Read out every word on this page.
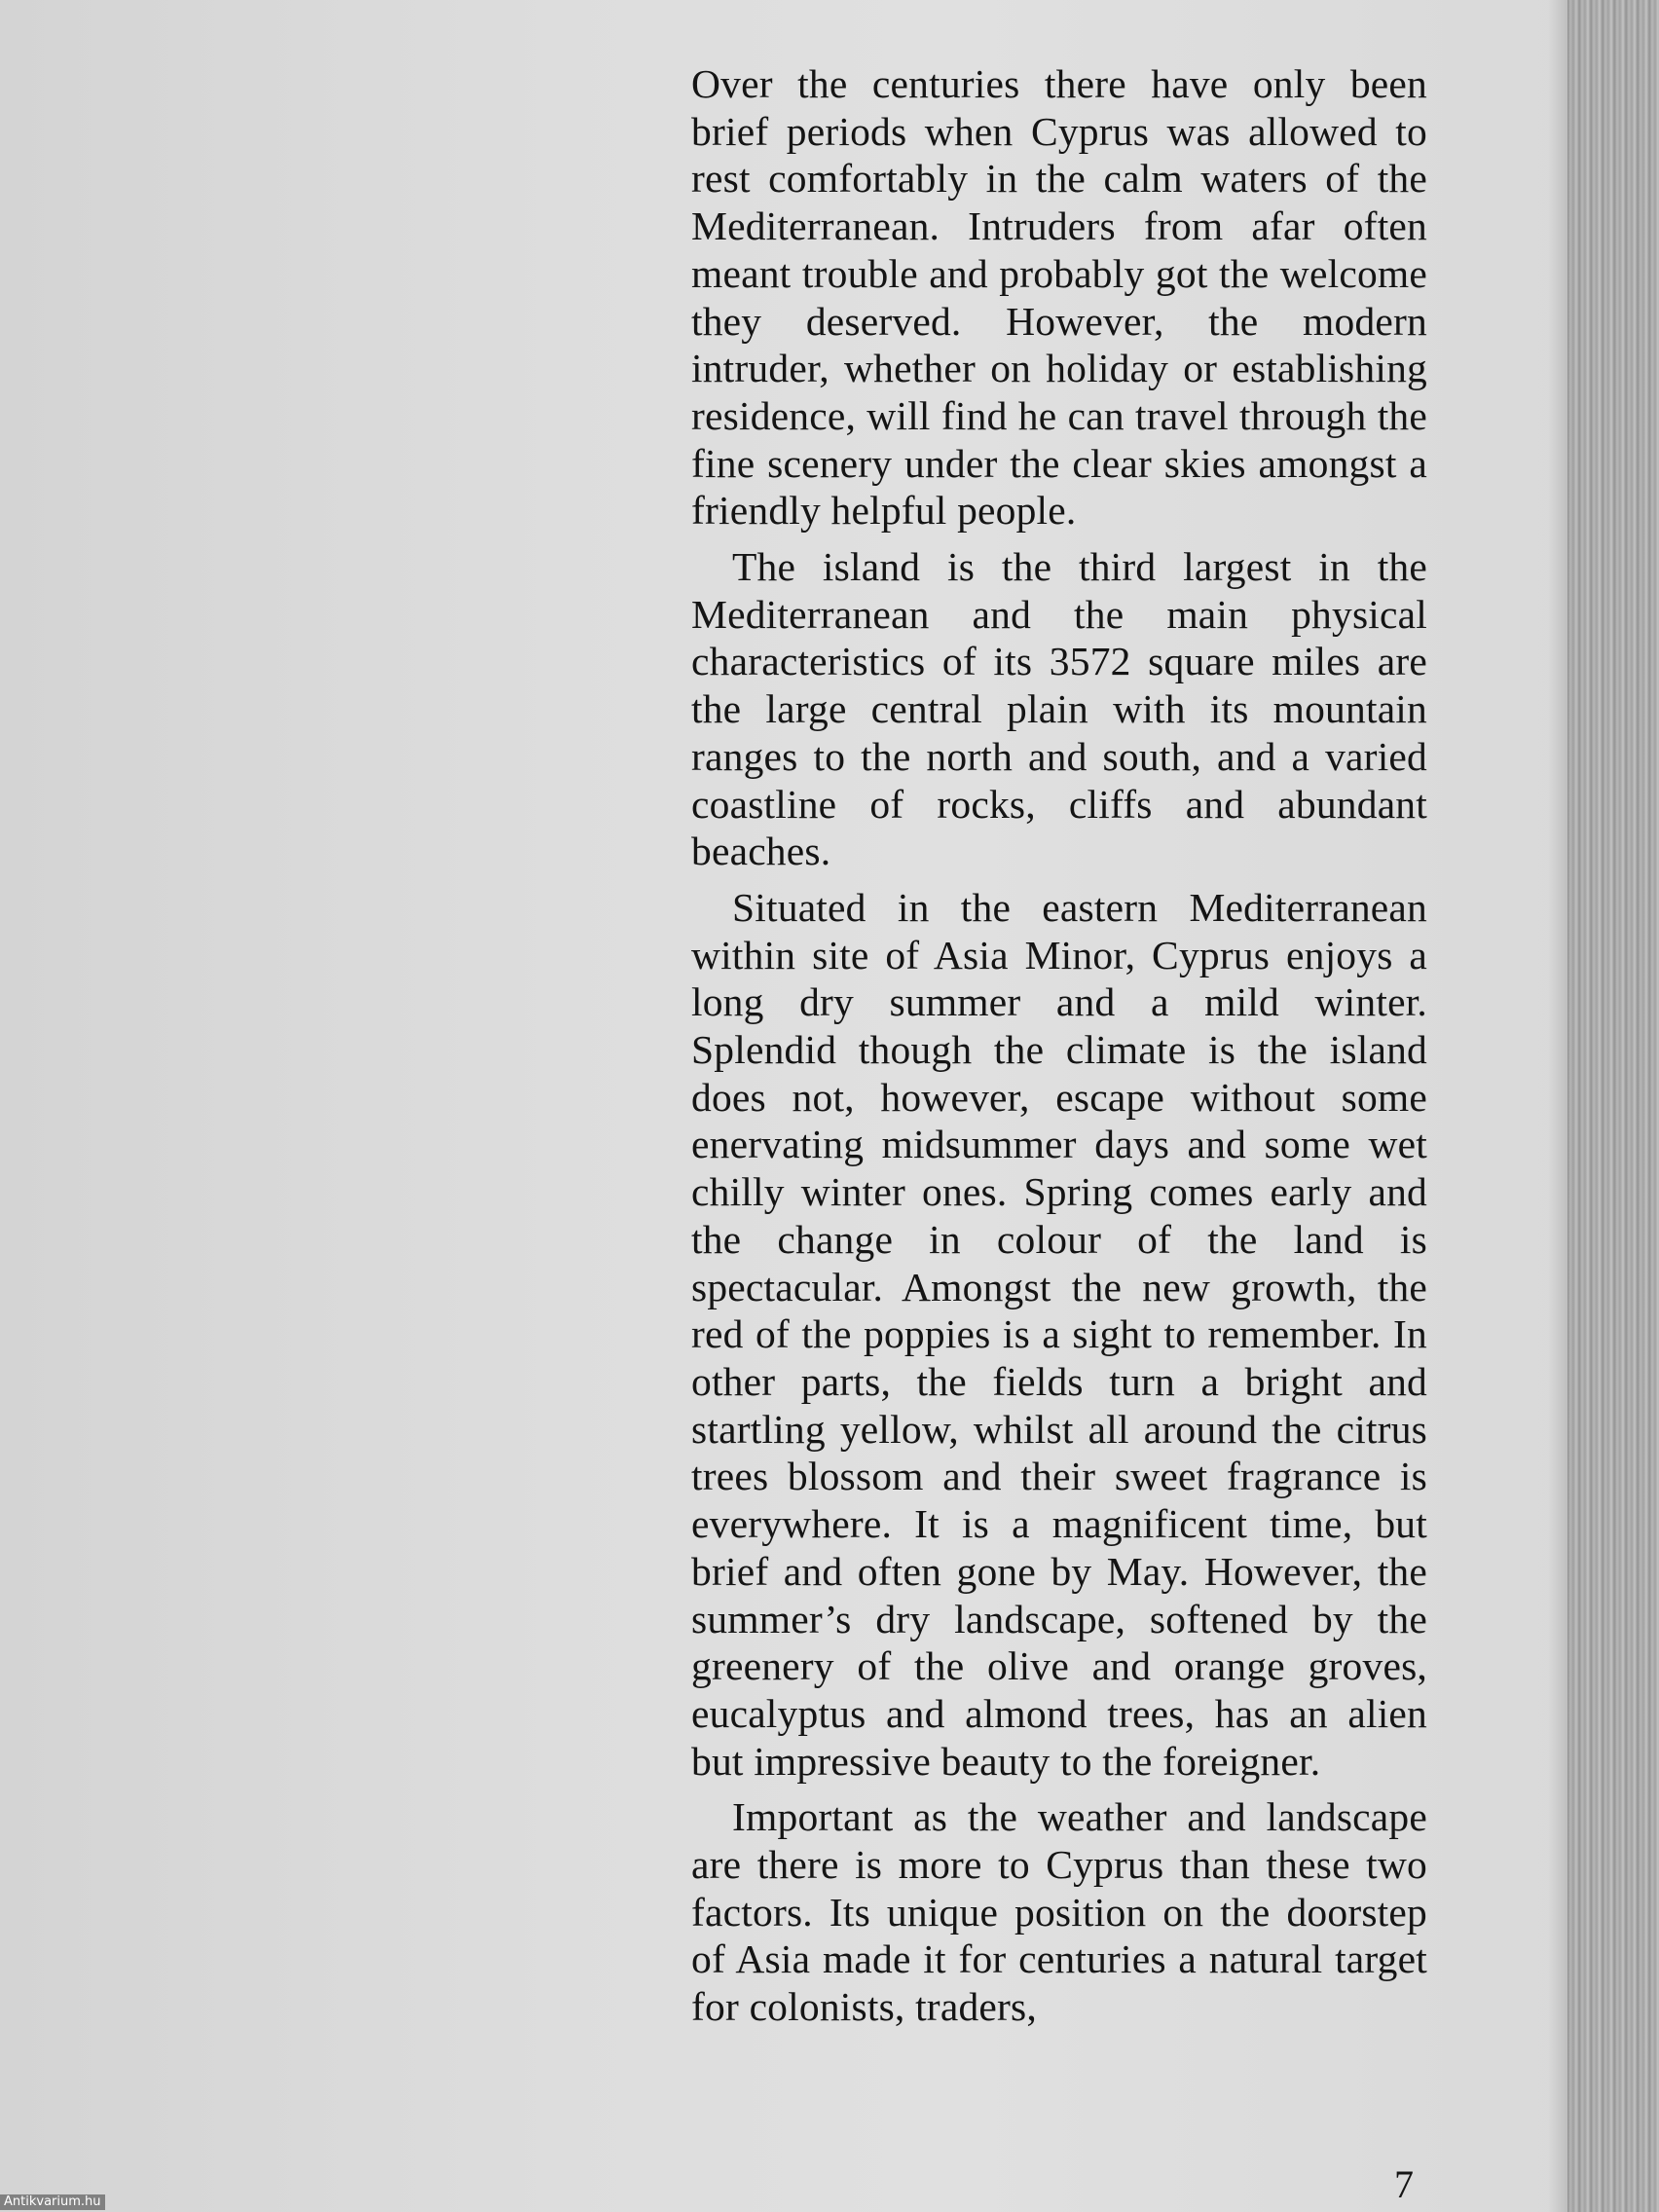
Over the centuries there have only been brief periods when Cyprus was allowed to rest comfortably in the calm waters of the Mediterranean. Intruders from afar often meant trouble and probably got the welcome they deserved. However, the modern intruder, whether on holiday or establishing residence, will find he can travel through the fine scenery under the clear skies amongst a friendly helpful people.

The island is the third largest in the Mediterranean and the main physical characteristics of its 3572 square miles are the large central plain with its mountain ranges to the north and south, and a varied coastline of rocks, cliffs and abundant beaches.

Situated in the eastern Mediterranean within site of Asia Minor, Cyprus enjoys a long dry summer and a mild winter. Splendid though the climate is the island does not, however, escape without some enervating midsummer days and some wet chilly winter ones. Spring comes early and the change in colour of the land is spectacular. Amongst the new growth, the red of the poppies is a sight to remember. In other parts, the fields turn a bright and startling yellow, whilst all around the citrus trees blossom and their sweet fragrance is everywhere. It is a magnificent time, but brief and often gone by May. However, the summer’s dry landscape, softened by the greenery of the olive and orange groves, eucalyptus and almond trees, has an alien but impressive beauty to the foreigner.

Important as the weather and landscape are there is more to Cyprus than these two factors. Its unique position on the doorstep of Asia made it for centuries a natural target for colonists, traders,

7
Antikvarium.hu
